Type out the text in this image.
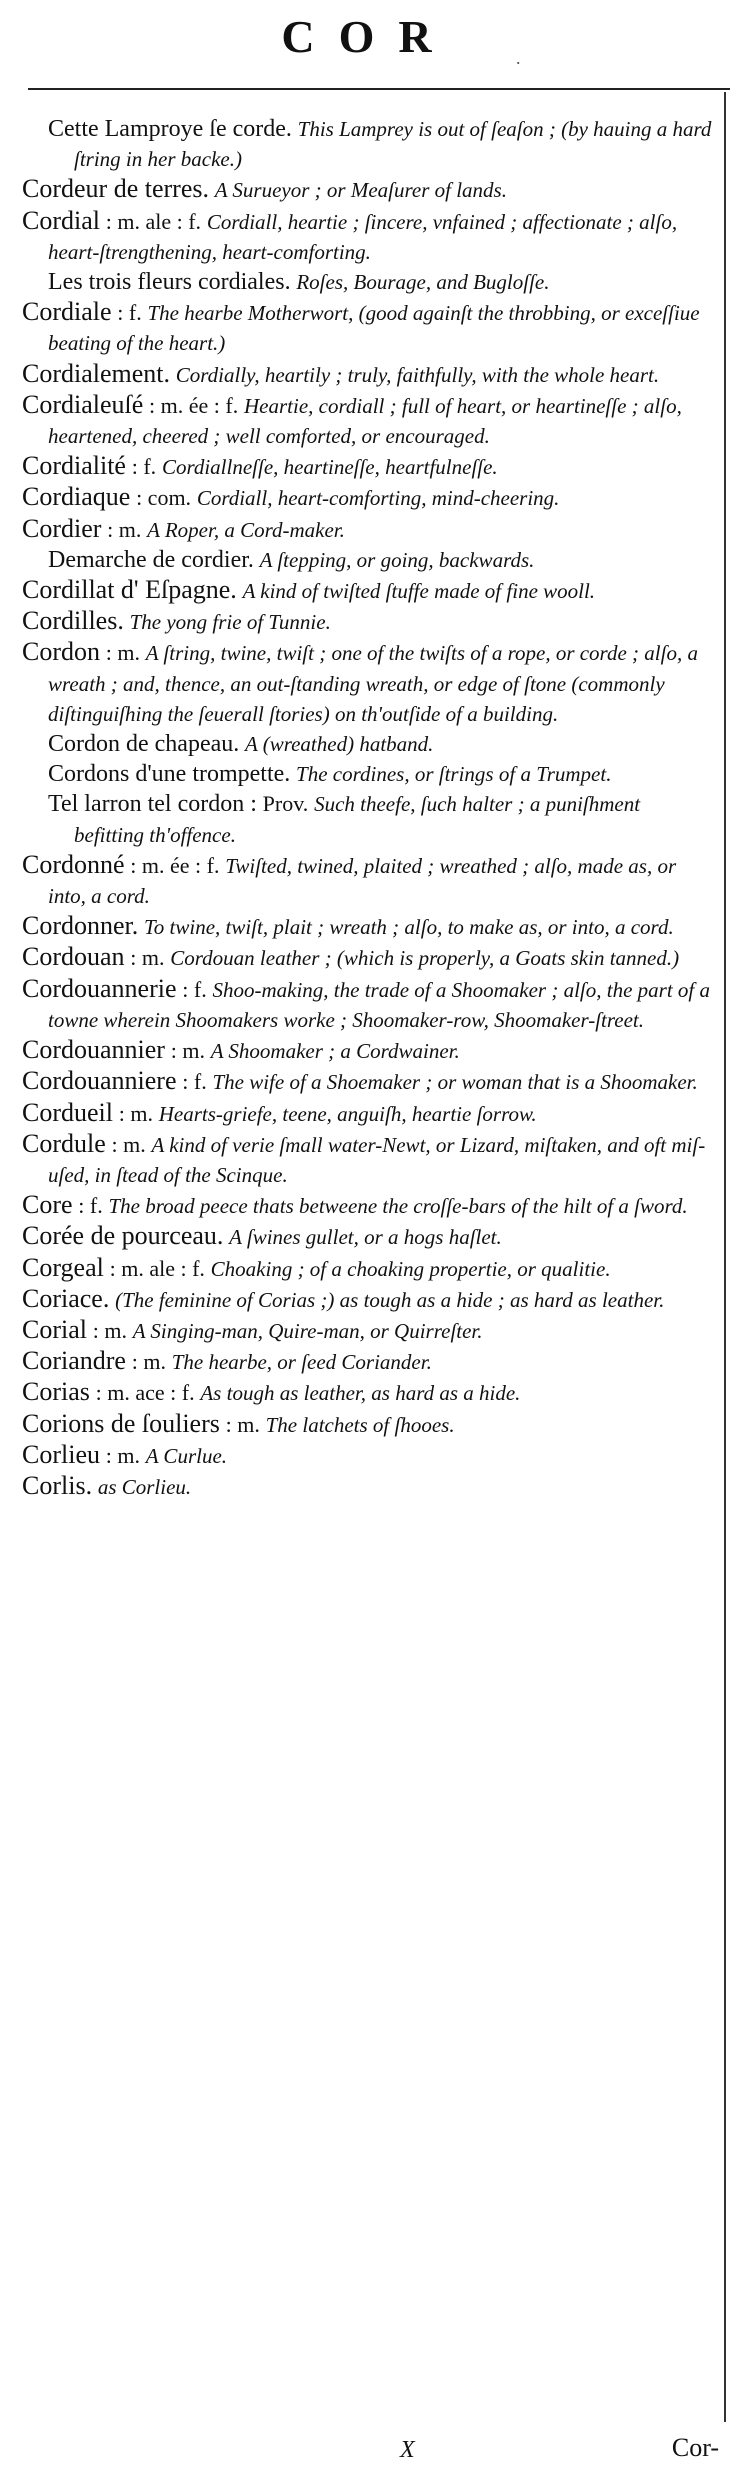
COR	.
Cette Lamproye ſe corde. This Lamprey is out of ſeaſon ; (by hauing a hard ſtring in her backe.)
Cordeur de terres. A Surueyor ; or Meaſurer of lands.
Cordial : m. ale : f. Cordiall, heartie ; ſincere, vnfained ; affectionate ; alſo, heart-ſtrengthening, heart-comforting.
Les trois fleurs cordiales. Roſes, Bourage, and Bugloſſe.
Cordiale : f. The hearbe Motherwort, (good againſt the throbbing, or exceſſiue beating of the heart.)
Cordialement. Cordially, heartily ; truly, faithfully, with the whole heart.
Cordialeuſé : m. ée : f. Heartie, cordiall ; full of heart, or heartineſſe ; alſo, heartened, cheered ; well comforted, or encouraged.
Cordialité : f. Cordiallneſſe, heartineſſe, heartfulneſſe.
Cordiaque : com. Cordiall, heart-comforting, mind-cheering.
Cordier : m. A Roper, a Cord-maker.
Demarche de cordier. A ſtepping, or going, backwards.
Cordillat d' Eſpagne. A kind of twiſted ſtuffe made of fine wooll.
Cordilles. The yong frie of Tunnie.
Cordon : m. A ſtring, twine, twiſt ; one of the twiſts of a rope, or corde ; alſo, a wreath ; and, thence, an out-ſtanding wreath, or edge of ſtone (commonly diſtinguiſhing the ſeuerall ſtories) on th'outſide of a building.
Cordon de chapeau. A (wreathed) hatband.
Cordons d'une trompette. The cordines, or ſtrings of a Trumpet.
Tel larron tel cordon : Prov. Such theefe, ſuch halter ; a puniſhment befitting th'offence.
Cordonné : m. ée : f. Twiſted, twined, plaited ; wreathed ; alſo, made as, or into, a cord.
Cordonner. To twine, twiſt, plait ; wreath ; alſo, to make as, or into, a cord.
Cordouan : m. Cordouan leather ; (which is properly, a Goats skin tanned.)
Cordouannerie : f. Shoo-making, the trade of a Shoomaker ; alſo, the part of a towne wherein Shoomakers worke ; Shoomaker-row, Shoomaker-ſtreet.
Cordouannier : m. A Shoomaker ; a Cordwainer.
Cordouanniere : f. The wife of a Shoemaker ; or woman that is a Shoomaker.
Cordueil : m. Hearts-griefe, teene, anguiſh, heartie ſorrow.
Cordule : m. A kind of verie ſmall water-Newt, or Lizard, miſtaken, and oft miſ-uſed, in ſtead of the Scinque.
Core : f. The broad peece thats betweene the croſſe-bars of the hilt of a ſword.
Corée de pourceau. A ſwines gullet, or a hogs haſlet.
Corgeal : m. ale : f. Choaking ; of a choaking propertie, or qualitie.
Coriace. (The feminine of Corias ;) as tough as a hide ; as hard as leather.
Corial : m. A Singing-man, Quire-man, or Quirreſter.
Coriandre : m. The hearbe, or ſeed Coriander.
Corias : m. ace : f. As tough as leather, as hard as a hide.
Corions de ſouliers : m. The latchets of ſhooes.
Corlieu : m. A Curlue.
Corlis. as Corlieu.
X	Cor-
